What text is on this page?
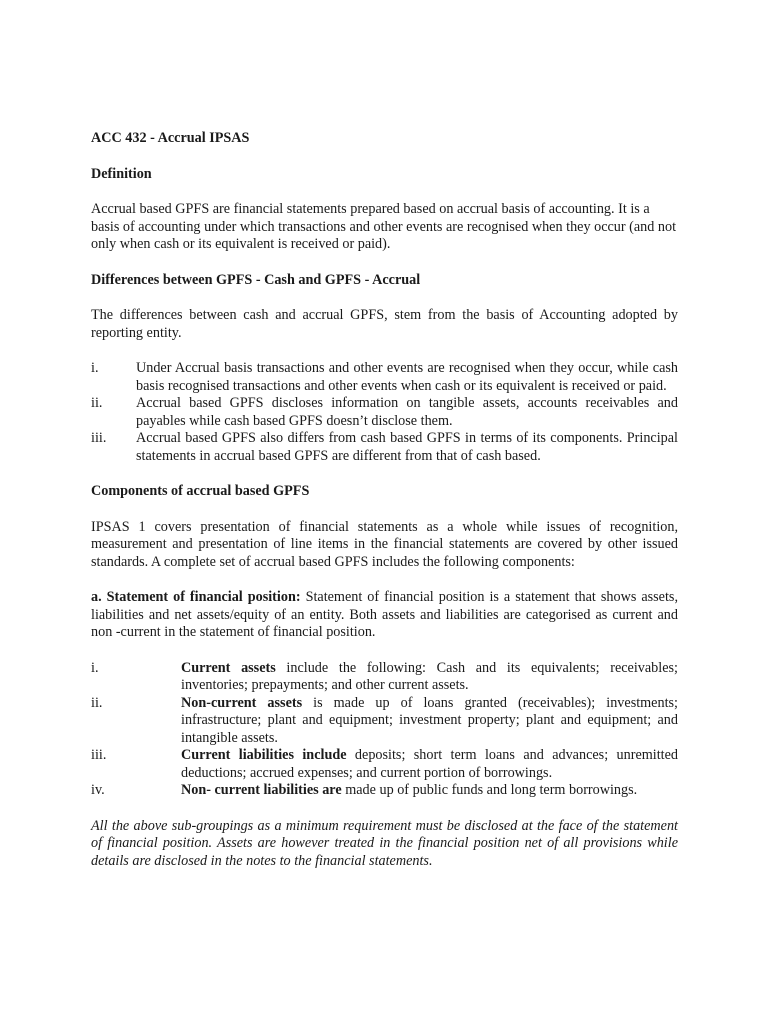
ACC 432 - Accrual IPSAS

Definition

Accrual based GPFS are financial statements prepared based on accrual basis of accounting. It is a basis of accounting under which transactions and other events are recognised when they occur (and not only when cash or its equivalent is received or paid).

Differences between GPFS - Cash and GPFS - Accrual

The differences between cash and accrual GPFS, stem from the basis of Accounting adopted by reporting entity.

i.	Under Accrual basis transactions and other events are recognised when they occur, while cash basis recognised transactions and other events when cash or its equivalent is received or paid.
ii.	Accrual based GPFS discloses information on tangible assets, accounts receivables and payables while cash based GPFS doesn’t disclose them.
iii.	Accrual based GPFS also differs from cash based GPFS in terms of its components. Principal statements in accrual based GPFS are different from that of cash based.

Components of accrual based GPFS

IPSAS 1 covers presentation of financial statements as a whole while issues of recognition, measurement and presentation of line items in the financial statements are covered by other issued standards. A complete set of accrual based GPFS includes the following components:

a. Statement of financial position: Statement of financial position is a statement that shows assets, liabilities and net assets/equity of an entity. Both assets and liabilities are categorised as current and non -current in the statement of financial position.

i.	Current assets include the following: Cash and its equivalents; receivables; inventories; prepayments; and other current assets.
ii.	Non-current assets is made up of loans granted (receivables); investments; infrastructure; plant and equipment; investment property; plant and equipment; and intangible assets.
iii.	Current liabilities include deposits; short term loans and advances; unremitted deductions; accrued expenses; and current portion of borrowings.
iv.	Non- current liabilities are made up of public funds and long term borrowings.

All the above sub-groupings as a minimum requirement must be disclosed at the face of the statement of financial position. Assets are however treated in the financial position net of all provisions while details are disclosed in the notes to the financial statements.
